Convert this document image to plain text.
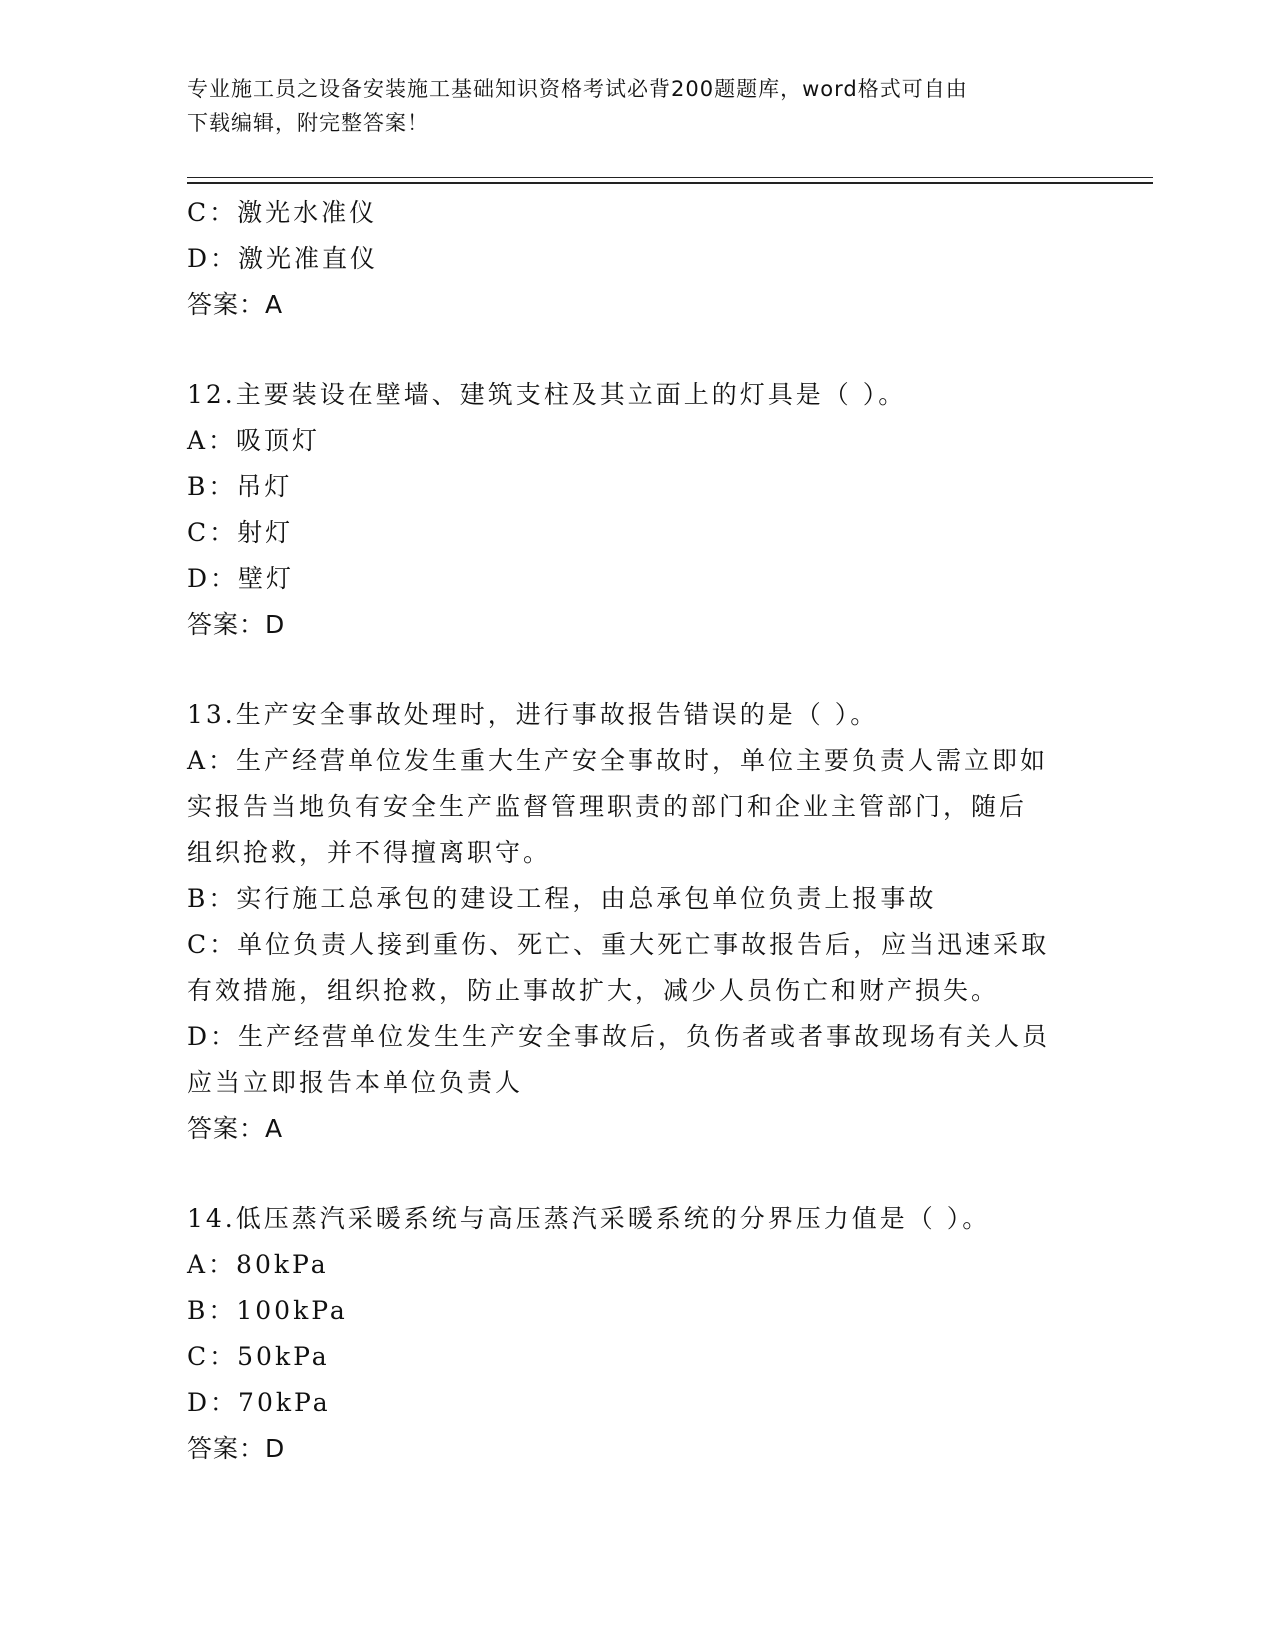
专业施工员之设备安装施工基础知识资格考试必背200题题库，word格式可自由
下载编辑，附完整答案！
C：激光水准仪
D：激光准直仪
答案：A
12.主要装设在壁墙、建筑支柱及其立面上的灯具是（ ）。
A：吸顶灯
B：吊灯
C：射灯
D：壁灯
答案：D
13.生产安全事故处理时，进行事故报告错误的是（ ）。
A：生产经营单位发生重大生产安全事故时，单位主要负责人需立即如
实报告当地负有安全生产监督管理职责的部门和企业主管部门，随后
组织抢救，并不得擅离职守。
B：实行施工总承包的建设工程，由总承包单位负责上报事故
C：单位负责人接到重伤、死亡、重大死亡事故报告后，应当迅速采取
有效措施，组织抢救，防止事故扩大，减少人员伤亡和财产损失。
D：生产经营单位发生生产安全事故后，负伤者或者事故现场有关人员
应当立即报告本单位负责人
答案：A
14.低压蒸汽采暖系统与高压蒸汽采暖系统的分界压力值是（ ）。
A：80kPa
B：100kPa
C：50kPa
D：70kPa
答案：D
